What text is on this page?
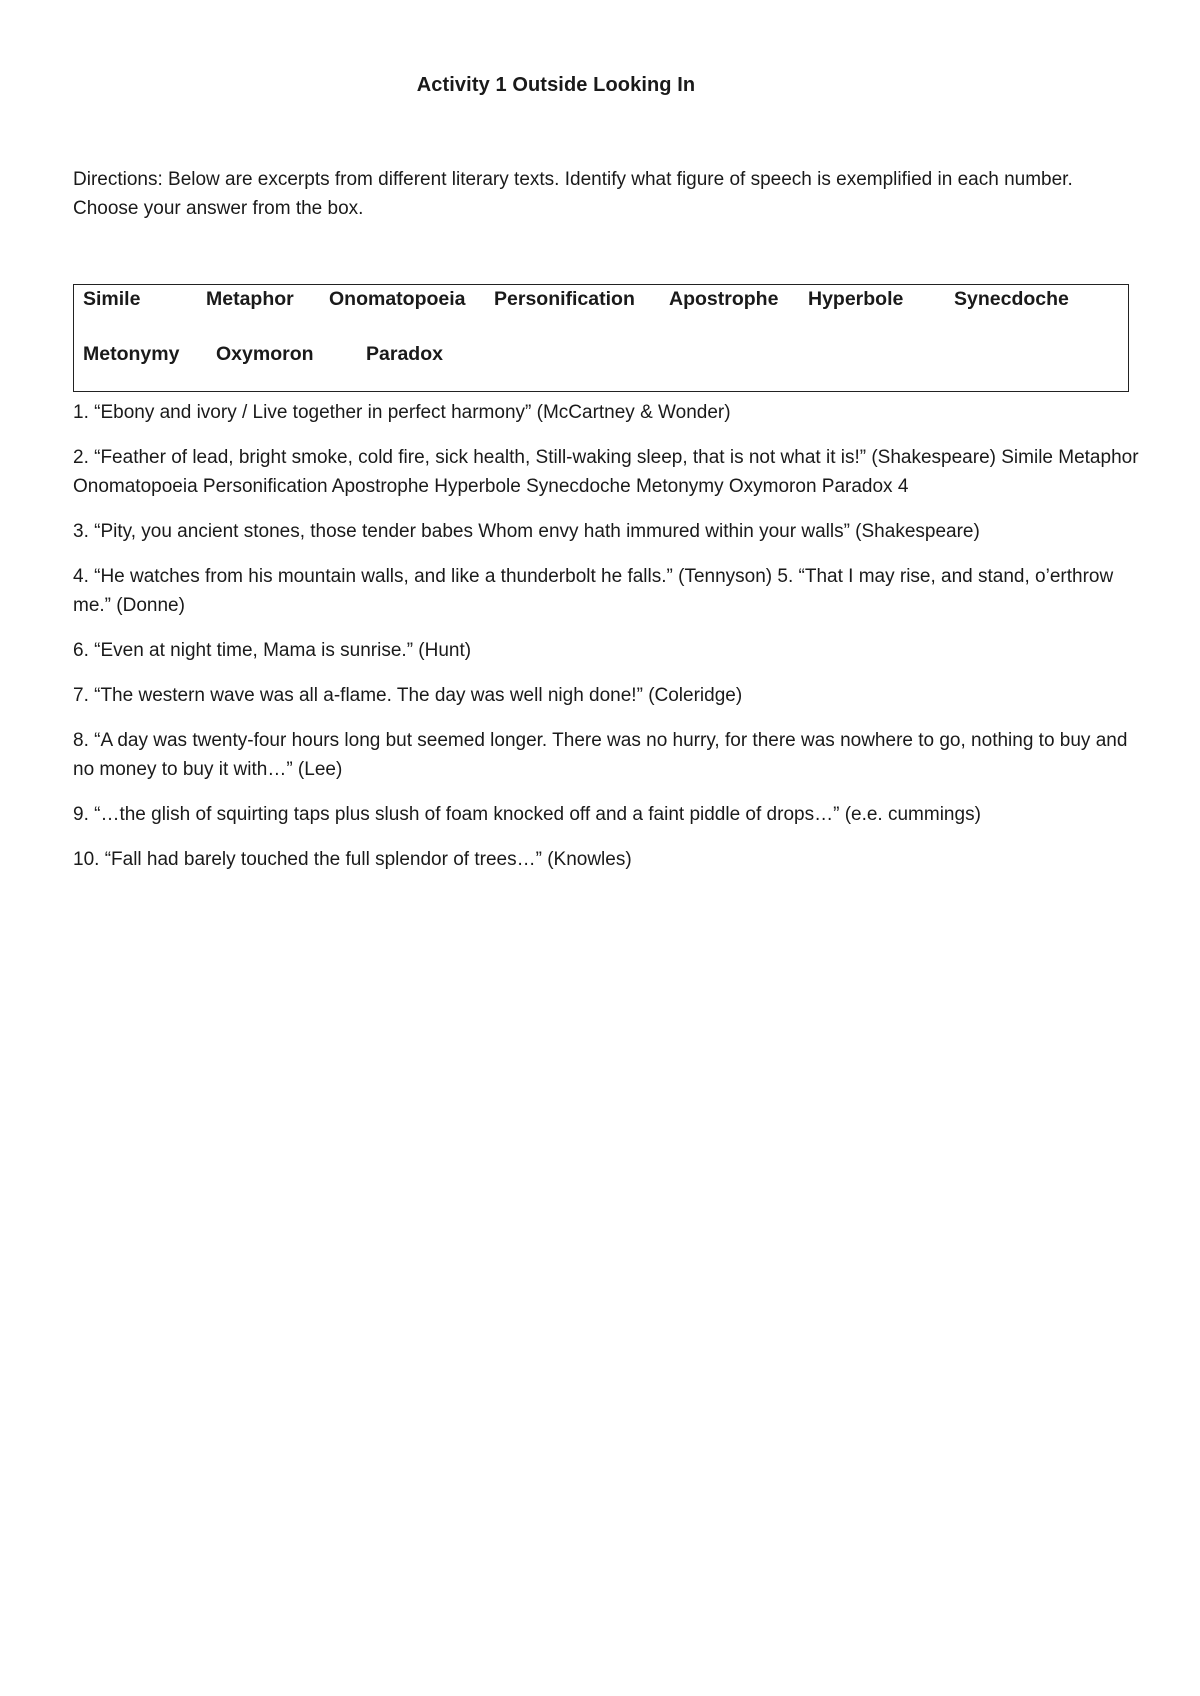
Activity 1 Outside Looking In
Directions: Below are excerpts from different literary texts. Identify what figure of speech is exemplified in each number. Choose your answer from the box.
Simile	Metaphor Onomatopoeia Personification Apostrophe Hyperbole	Synecdoche
Metonymy Oxymoron	Paradox

1. “Ebony and ivory / Live together in perfect harmony” (McCartney & Wonder)

2. “Feather of lead, bright smoke, cold fire, sick health, Still-waking sleep, that is not what it is!” (Shakespeare) Simile Metaphor Onomatopoeia Personification Apostrophe Hyperbole Synecdoche Metonymy Oxymoron Paradox 4

3. “Pity, you ancient stones, those tender babes Whom envy hath immured within your walls” (Shakespeare)

4. “He watches from his mountain walls, and like a thunderbolt he falls.” (Tennyson) 5. “That I may rise, and stand, o’erthrow me.” (Donne)

6. “Even at night time, Mama is sunrise.” (Hunt)

7. “The western wave was all a-flame. The day was well nigh done!” (Coleridge)

8. “A day was twenty-four hours long but seemed longer. There was no hurry, for there was nowhere to go, nothing to buy and no money to buy it with…” (Lee)

9. “…the glish of squirting taps plus slush of foam knocked off and a faint piddle of drops…” (e.e. cummings)

10. “Fall had barely touched the full splendor of trees…” (Knowles)
